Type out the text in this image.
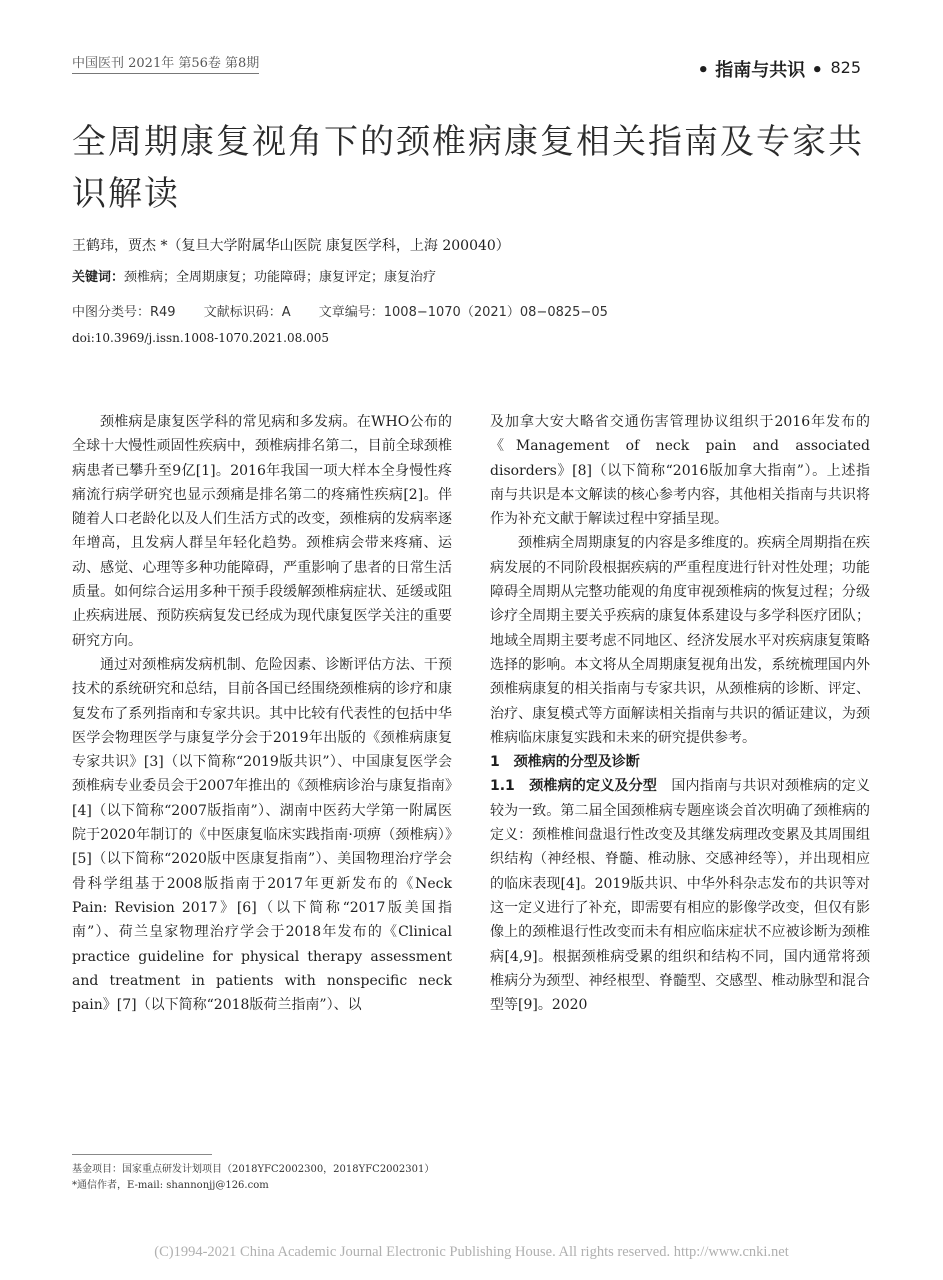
中国医刊 2021年 第56卷 第8期	• 指南与共识 • 825
全周期康复视角下的颈椎病康复相关指南及专家共识解读
王鹤玮，贾杰 *（复旦大学附属华山医院 康复医学科，上海 200040）
关键词：颈椎病；全周期康复；功能障碍；康复评定；康复治疗
中图分类号：R49 文献标识码：A 文章编号：1008−1070（2021）08−0825−05
doi:10.3969/j.issn.1008-1070.2021.08.005

颈椎病是康复医学科的常见病和多发病。在WHO公布的全球十大慢性顽固性疾病中，颈椎病排名第二，目前全球颈椎病患者已攀升至9亿[1]。2016年我国一项大样本全身慢性疼痛流行病学研究也显示颈痛是排名第二的疼痛性疾病[2]。伴随着人口老龄化以及人们生活方式的改变，颈椎病的发病率逐年增高，且发病人群呈年轻化趋势。颈椎病会带来疼痛、运动、感觉、心理等多种功能障碍，严重影响了患者的日常生活质量。如何综合运用多种干预手段缓解颈椎病症状、延缓或阻止疾病进展、预防疾病复发已经成为现代康复医学关注的重要研究方向。

通过对颈椎病发病机制、危险因素、诊断评估方法、干预技术的系统研究和总结，目前各国已经围绕颈椎病的诊疗和康复发布了系列指南和专家共识。其中比较有代表性的包括中华医学会物理医学与康复学分会于2019年出版的《颈椎病康复专家共识》[3]（以下简称“2019版共识”）、中国康复医学会颈椎病专业委员会于2007年推出的《颈椎病诊治与康复指南》[4]（以下简称“2007版指南”）、湖南中医药大学第一附属医院于2020年制订的《中医康复临床实践指南·项痹（颈椎病）》[5]（以下简称“2020版中医康复指南”）、美国物理治疗学会骨科学组基于2008版指南于2017年更新发布的《Neck Pain: Revision 2017》[6]（以下简称“2017版美国指南”）、荷兰皇家物理治疗学会于2018年发布的《Clinical practice guideline for physical therapy assessment and treatment in patients with nonspecific neck pain》[7]（以下简称“2018版荷兰指南”）、以

及加拿大安大略省交通伤害管理协议组织于2016年发布的《Management of neck pain and associated disorders》[8]（以下简称“2016版加拿大指南”）。上述指南与共识是本文解读的核心参考内容，其他相关指南与共识将作为补充文献于解读过程中穿插呈现。

颈椎病全周期康复的内容是多维度的。疾病全周期指在疾病发展的不同阶段根据疾病的严重程度进行针对性处理；功能障碍全周期从完整功能观的角度审视颈椎病的恢复过程；分级诊疗全周期主要关乎疾病的康复体系建设与多学科医疗团队；地域全周期主要考虑不同地区、经济发展水平对疾病康复策略选择的影响。本文将从全周期康复视角出发，系统梳理国内外颈椎病康复的相关指南与专家共识，从颈椎病的诊断、评定、治疗、康复模式等方面解读相关指南与共识的循证建议，为颈椎病临床康复实践和未来的研究提供参考。

1　颈椎病的分型及诊断

1.1　颈椎病的定义及分型　 国内指南与共识对颈椎病的定义较为一致。第二届全国颈椎病专题座谈会首次明确了颈椎病的定义：颈椎椎间盘退行性改变及其继发病理改变累及其周围组织结构（神经根、脊髓、椎动脉、交感神经等），并出现相应的临床表现[4]。2019版共识、中华外科杂志发布的共识等对这一定义进行了补充，即需要有相应的影像学改变，但仅有影像上的颈椎退行性改变而未有相应临床症状不应被诊断为颈椎病[4,9]。根据颈椎病受累的组织和结构不同，国内通常将颈椎病分为颈型、神经根型、脊髓型、交感型、椎动脉型和混合型等[9]。2020

基金项目：国家重点研发计划项目（2018YFC2002300，2018YFC2002301）
*通信作者，E-mail: shannonjj@126.com
(C)1994-2021 China Academic Journal Electronic Publishing House. All rights reserved. http://www.cnki.net
